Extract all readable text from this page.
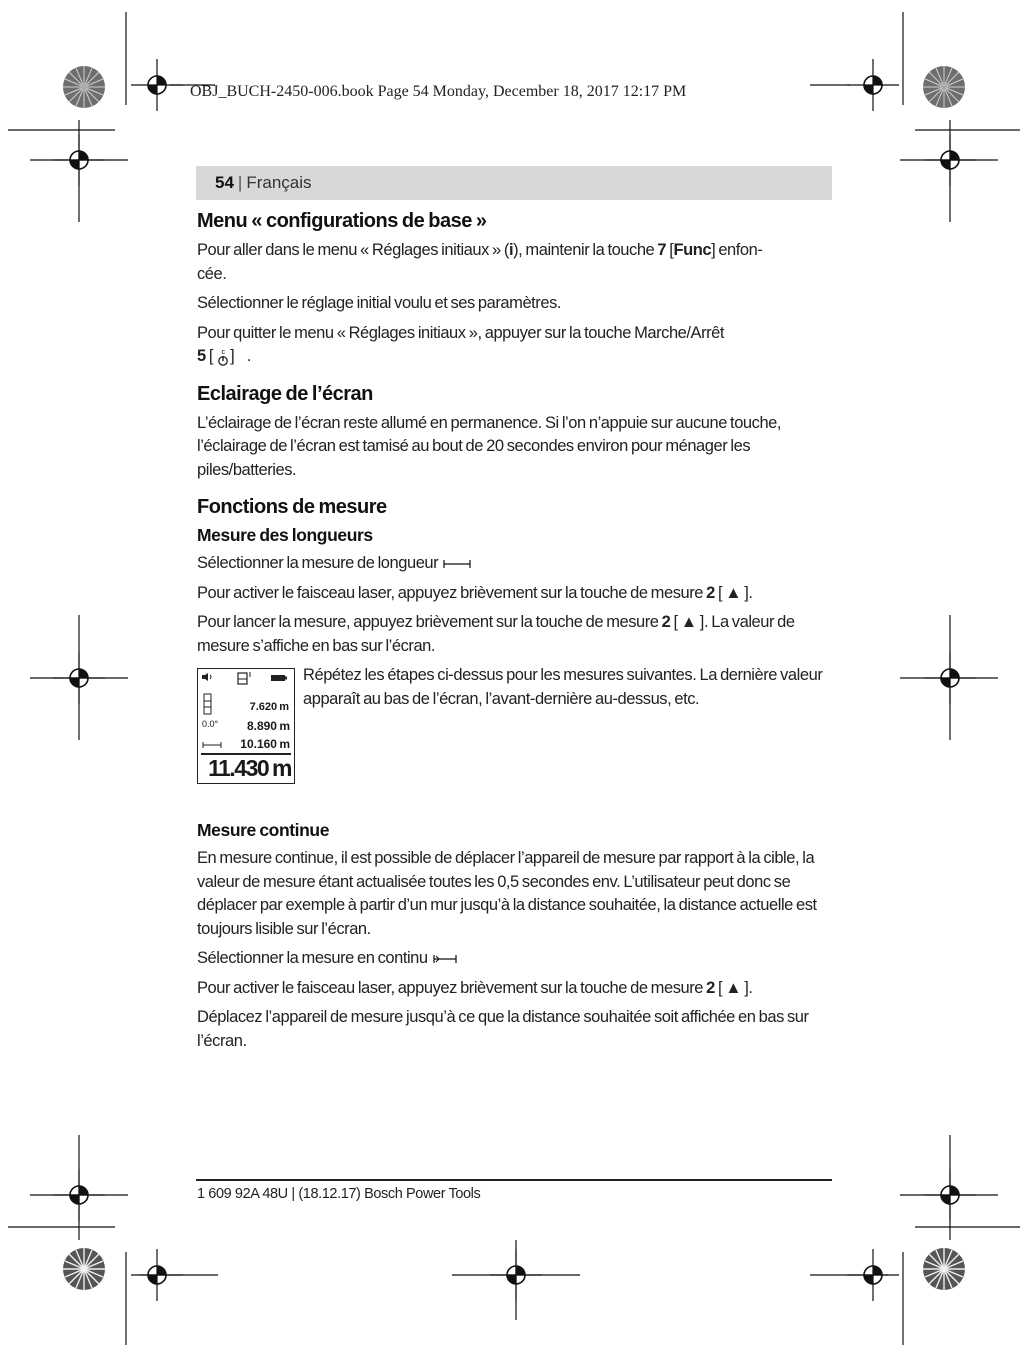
OBJ_BUCH-2450-006.book Page 54 Monday, December 18, 2017 12:17 PM

54 | Français
Menu « configurations de base »

Pour aller dans le menu « Réglages initiaux » (i), maintenir la touche 7 [Func] enfon-
cée.

Sélectionner le réglage initial voulu et ses paramètres.

Pour quitter le menu « Réglages initiaux », appuyer sur la touche Marche/Arrêt
5 [ c ] .

Eclairage de l’écran

L’éclairage de l’écran reste allumé en permanence. Si l’on n’appuie sur aucune touche, l’éclairage de l’écran est tamisé au bout de 20 secondes environ pour ménager les piles/batteries.

Fonctions de mesure
Mesure des longueurs

Sélectionner la mesure de longueur

Pour activer le faisceau laser, appuyez brièvement sur la touche de mesure 2 [ ▲ ].

Pour lancer la mesure, appuyez brièvement sur la touche de mesure 2 [ ▲ ]. La valeur de mesure s’affiche en bas sur l’écran.

7.620 m
0.0° 8.890 m
10.160 m
11.430 m

Répétez les étapes ci-dessus pour les mesures suivantes. La dernière valeur apparaît au bas de l’écran, l’avant-dernière au-dessus, etc.

Mesure continue

En mesure continue, il est possible de déplacer l’appareil de mesure par rapport à la cible, la valeur de mesure étant actualisée toutes les 0,5 secondes env. L’utilisateur peut donc se déplacer par exemple à partir d’un mur jusqu’à la distance souhaitée, la distance actuelle est toujours lisible sur l’écran.

Sélectionner la mesure en continu

Pour activer le faisceau laser, appuyez brièvement sur la touche de mesure 2 [ ▲ ].

Déplacez l’appareil de mesure jusqu’à ce que la distance souhaitée soit affichée en bas sur l’écran.

1 609 92A 48U | (18.12.17) Bosch Power Tools
